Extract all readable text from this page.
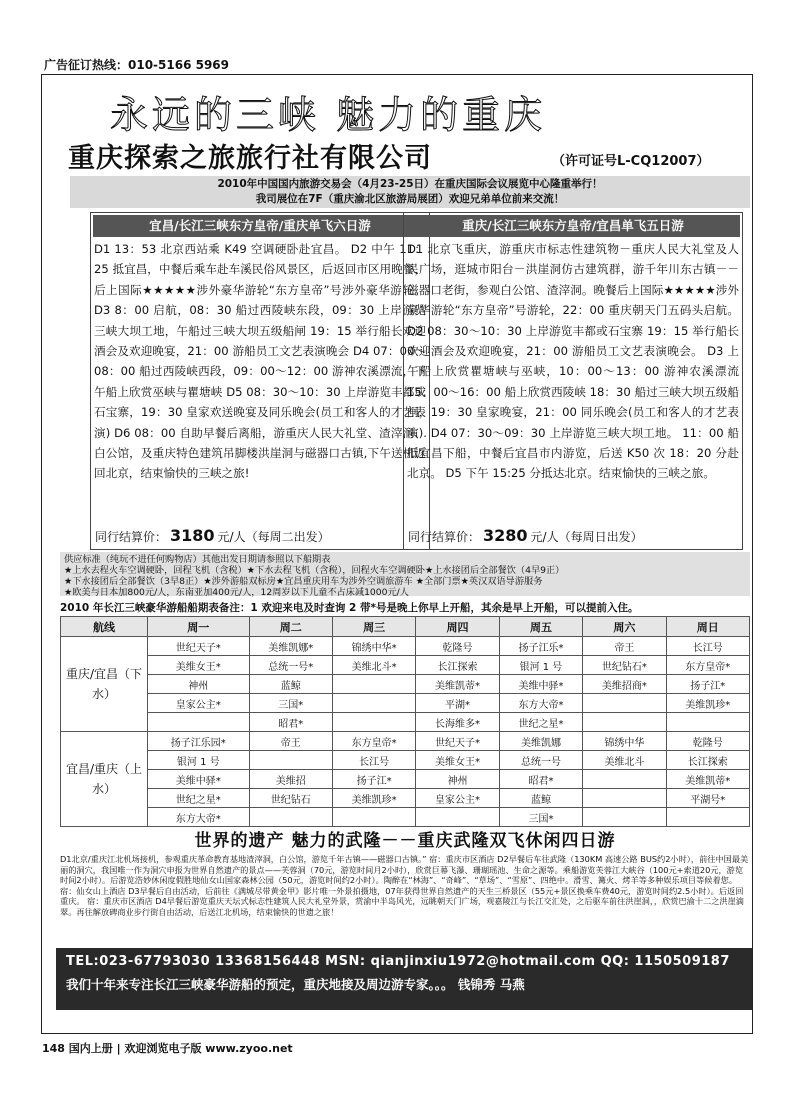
广告征订热线：010-5166 5969
永远的三峡 魅力的重庆
重庆探索之旅旅行社有限公司	（许可证号L-CQ12007）
2010年中国国内旅游交易会（4月23-25日）在重庆国际会议展览中心隆重举行！
我司展位在7F（重庆渝北区旅游局展团）欢迎兄弟单位前来交流！
宜昌/长江三峡东方皇帝/重庆单飞六日游
D1 13：53 北京西站乘 K49 空调硬卧赴宜昌。 D2 中午 11：25 抵宜昌，中餐后乘车赴车溪民俗风景区，后返回市区用晚餐，后上国际★★★★★涉外豪华游轮“东方皇帝”号涉外豪华游轮。 D3 8：00 启航，08：30 船过西陵峡东段，09：30 上岸游览三峡大坝工地，午船过三峡大坝五级船闸 19：15 举行船长欢迎酒会及欢迎晚宴，21：00 游船员工文艺表演晚会 D4 07：00～08：00 船过西陵峡西段，09：00～12：00 游神农溪漂流，下午船上欣赏巫峡与瞿塘峡 D5 08：30～10：30 上岸游览丰都或石宝寨，19：30 皇家欢送晚宴及同乐晚会(员工和客人的才艺表演) D6 08：00 自助早餐后离船，游重庆人民大礼堂、渣滓洞、白公馆，及重庆特色建筑吊脚楼洪崖洞与磁器口古镇,下午送机返回北京，结束愉快的三峡之旅!
同行结算价： 3180 元/人（每周二出发）
重庆/长江三峡东方皇帝/宜昌单飞五日游
D1 北京飞重庆，游重庆市标志性建筑物－重庆人民大礼堂及人民广场，逛城市阳台－洪崖洞仿古建筑群，游千年川东古镇－－磁器口老街，参观白公馆、渣滓洞。晚餐后上国际★★★★★涉外豪华游轮“东方皇帝”号游轮，22：00 重庆朝天门五码头启航。 D2 08：30～10：30 上岸游览丰都或石宝寨 19：15 举行船长欢迎酒会及欢迎晚宴，21：00 游船员工文艺表演晚会。 D3 上午船上欣赏瞿塘峡与巫峡，10：00～13：00 游神农溪漂流 15：00～16：00 船上欣赏西陵峡 18：30 船过三峡大坝五级船闸，19：30 皇家晚宴，21：00 同乐晚会(员工和客人的才艺表演). D4 07：30～09：30 上岸游览三峡大坝工地。 11：00 船抵宜昌下船，中餐后宜昌市内游览，后送 K50 次 18：20 分赴北京。 D5 下午 15:25 分抵达北京。结束愉快的三峡之旅。
同行结算价： 3280 元/人（每周日出发）
供应标准（纯玩不进任何购物店）其他出发日期请参照以下船期表
★上水去程火车空调硬卧，回程飞机（含税）★下水去程飞机（含税），回程火车空调硬卧★上水接团后全部餐饮（4早9正）
★下水接团后全部餐饮（3早8正）★涉外游船双标房★宜昌重庆用车为涉外空调旅游车 ★全部门票★英汉双语导游服务
★欧美与日本加800元/人，东南亚加400元/人，12周岁以下儿童不占床减1000元/人
2010 年长江三峡豪华游船船期表备注：1 欢迎来电及时查询 2 带*号是晚上你早上开船，其余是早上开船，可以提前入住。
航线	周一	周二	周三	周四	周五	周六	周日
重庆/宜昌（下水）	世纪天子*	美维凯娜*	锦绣中华*	乾隆号	扬子江乐*	帝王	长江号
	美维女王*	总统一号*	美维北斗*	长江探索	银河 1 号	世纪钻石*	东方皇帝*
	神州	蓝鲸		美维凯蒂*	美维中驿*	美维招商*	扬子江*
	皇家公主*	三国*		平湖*	东方大帝*		美维凯珍*
		昭君*		长海维多*	世纪之星*		
宜昌/重庆（上水）	扬子江乐园*	帝王	东方皇帝*	世纪天子*	美维凯娜	锦绣中华	乾隆号
	银河 1 号		长江号	美维女王*	总统一号	美维北斗	长江探索
	美维中驿*	美维招	扬子江*	神州	昭君*		美维凯蒂*
	世纪之星*	世纪钻石	美维凯珍*	皇家公主*	蓝鲸		平湖号*
	东方大帝*				三国*		
世界的遗产 魅力的武隆－－重庆武隆双飞休闲四日游
D1北京/重庆江北机场接机，参观重庆革命教育基地渣滓洞，白公馆，游览千年古镇——磁器口古镇。” 宿：重庆市区酒店 D2早餐后车往武隆（130KM 高速公路 BUS约2小时），前往中国最美丽的洞穴，我国唯一作为洞穴申报为世界自然遗产的景点——芙蓉洞（70元，游览时间月2小时），欣赏巨幕飞瀑、珊瑚瑶池、生命之源等。乘船游览芙蓉江大峡谷（100元+索道20元，游览时间2小时）。后游览浩妙休闲度假胜地仙女山国家森林公园（50元，游览时间约2小时）。陶醉在“林海”、“奇峰”、“草场”、“雪原”、四绝中。滑雪、篝火、烤羊等多种娱乐项目等候着您。 宿：仙女山上酒店 D3早餐后自由活动，后前往《满城尽带黄金甲》影片唯一外景拍摄地，07年获得世界自然遗产的天生三桥景区（55元+景区换乘车费40元，游览时间约2.5小时）。后返回重庆。 宿：重庆市区酒店 D4早餐后游览重庆天坛式标志性建筑人民大礼堂外景，赏渝中半岛风光，远眺朝天门广场，观嘉陵江与长江交汇处，之后驱车前往洪崖洞，，欣赏巴渝十二之洪崖滴翠。再往解放碑商业步行街自由活动，后送江北机场，结束愉快的世遗之旅！
TEL:023-67793030 13368156448 MSN: qianjinxiu1972@hotmail.com QQ: 1150509187
我们十年来专注长江三峡豪华游船的预定，重庆地接及周边游专家。。。 钱锦秀 马燕
148 国内上册 | 欢迎浏览电子版 www.zyoo.net
